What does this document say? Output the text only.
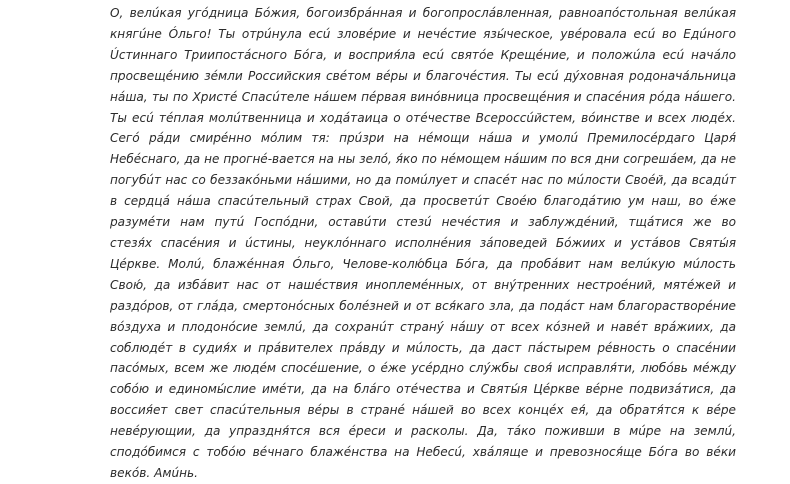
О, велúкая угóдница Бóжия, богоизбрáнная и богопрослáвленная, равноапóстольная велúкая
княгúне Óльго! Ты отрúнула есú зловéрие и нечéстие язы́ческое, увéровала есú во Едúного
Úстиннаго Триипостáсного Бóга, и восприя́ла есú святóе Крещéние, и положúла есú начáло
просвещéнию зéмли Российския свéтом вéры и благочéстия. Ты есú дýховная родонача́льница
нáша, ты по Христé Спасúтеле нáшем пéрвая винóвница просвещéния и спасéния рóда нáшего.
Ты есú тéплая молúтвенница и ходáтаица о отéчестве Всероссúйстем, вóинстве и всех людéх.
Сегó рáди смирéнно мóлим тя: прúзри на нéмощи нáша и умолú Премилосéрдаго Царя́
Небéснаго, да не прогнé-вается на ны зелó, я́ко по нéмощем нáшим по вся дни согрешáем, да не
погубúт нас со беззакóньми нáшими, но да помúлует и спасéт нас по мúлости Своéй, да всадúт
в сердцá нáша спасúтельный страх Свой, да просветúт Своéю благодáтию ум наш, во éже
разумéти нам путú Госпóдни, оставúти стезú нечéстия и заблуждéний, тщáтися же во
стезя́х спасéния и úстины, неуклóннаго исполнéния зáповедей Бóжиих и устáвов Святы́я
Цéркве. Молú, блажéнная Óльго, Челове-колю́бца Бóга, да пробáвит нам велúкую мúлость
Свою́, да избáвит нас от нашéствия иноплемéнных, от внýтренних нестроéний, мятéжей и
раздóров, от глáда, смертонóсных болéзней и от вся́каго зла, да подáст нам благорастворéние
вóздуха и плодонóсие землú, да сохранúт странý нáшу от всех кóзней и навéт врáжиих, да
соблюдéт в судия́х и прáвителех прáвду и мúлость, да даст пáстырем рéвность о спасéнии
пасóмых, всем же людéм спосéшение, о éже усéрдно слýжбы своя́ исправля́ти, любóвь мéжду
собóю и единомы́слие имéти, да на блáго отéчества и Святы́я Цéркве вéрне подвизáтися, да
воссия́ет свет спасúтельныя вéры в странé нáшей во всех концéх ея́, да обратя́тся к вéре
невéрующии, да упраздня́тся вся éреси и расколы. Да, тáко поживши в мúре на землú,
сподóбимся с тобóю вéчнаго блажéнства на Небесú, хвáляще и превознося́ще Бóга во вéки
векóв. Амúнь.
